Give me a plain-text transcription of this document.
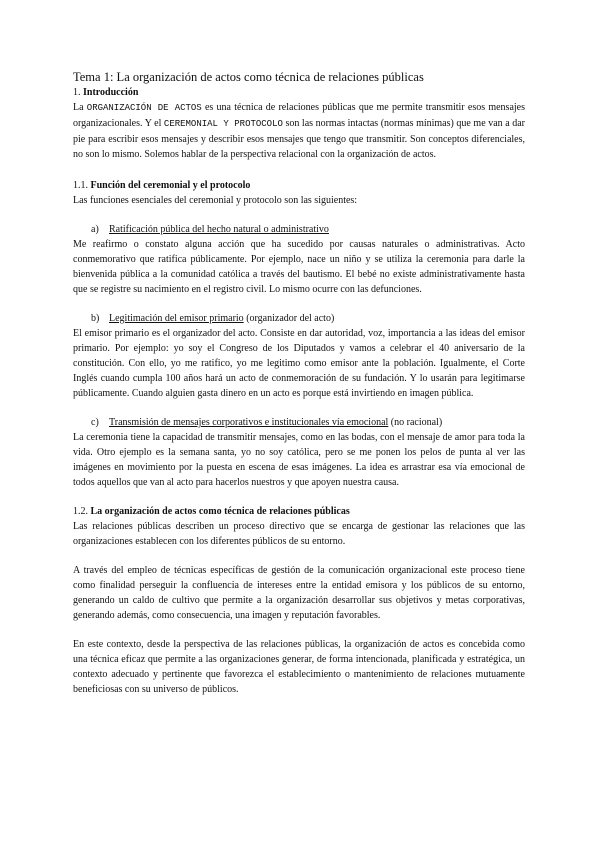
Tema 1: La organización de actos como técnica de relaciones públicas

1. Introducción

La ORGANIZACIÓN DE ACTOS es una técnica de relaciones públicas que me permite transmitir esos mensajes organizacionales. Y el CEREMONIAL Y PROTOCOLO son las normas intactas (normas mínimas) que me van a dar pie para escribir esos mensajes y describir esos mensajes que tengo que transmitir. Son conceptos diferenciales, no son lo mismo. Solemos hablar de la perspectiva relacional con la organización de actos.

1.1. Función del ceremonial y el protocolo

Las funciones esenciales del ceremonial y protocolo son las siguientes:

a) Ratificación pública del hecho natural o administrativo

Me reafirmo o constato alguna acción que ha sucedido por causas naturales o administrativas. Acto conmemorativo que ratifica públicamente. Por ejemplo, nace un niño y se utiliza la ceremonia para darle la bienvenida pública a la comunidad católica a través del bautismo. El bebé no existe administrativamente hasta que se registre su nacimiento en el registro civil. Lo mismo ocurre con las defunciones.

b) Legitimación del emisor primario (organizador del acto)

El emisor primario es el organizador del acto. Consiste en dar autoridad, voz, importancia a las ideas del emisor primario. Por ejemplo: yo soy el Congreso de los Diputados y vamos a celebrar el 40 aniversario de la constitución. Con ello, yo me ratifico, yo me legitimo como emisor ante la población. Igualmente, el Corte Inglés cuando cumpla 100 años hará un acto de conmemoración de su fundación. Y lo usarán para legitimarse públicamente. Cuando alguien gasta dinero en un acto es porque está invirtiendo en imagen pública.

c) Transmisión de mensajes corporativos e institucionales vía emocional (no racional)

La ceremonia tiene la capacidad de transmitir mensajes, como en las bodas, con el mensaje de amor para toda la vida. Otro ejemplo es la semana santa, yo no soy católica, pero se me ponen los pelos de punta al ver las imágenes en movimiento por la puesta en escena de esas imágenes. La idea es arrastrar esa vía emocional de todos aquellos que van al acto para hacerlos nuestros y que apoyen nuestra causa.

1.2. La organización de actos como técnica de relaciones públicas

Las relaciones públicas describen un proceso directivo que se encarga de gestionar las relaciones que las organizaciones establecen con los diferentes públicos de su entorno.

A través del empleo de técnicas específicas de gestión de la comunicación organizacional este proceso tiene como finalidad perseguir la confluencia de intereses entre la entidad emisora y los públicos de su entorno, generando un caldo de cultivo que permite a la organización desarrollar sus objetivos y metas corporativas, generando además, como consecuencia, una imagen y reputación favorables.

En este contexto, desde la perspectiva de las relaciones públicas, la organización de actos es concebida como una técnica eficaz que permite a las organizaciones generar, de forma intencionada, planificada y estratégica, un contexto adecuado y pertinente que favorezca el establecimiento o mantenimiento de relaciones mutuamente beneficiosas con su universo de públicos.
